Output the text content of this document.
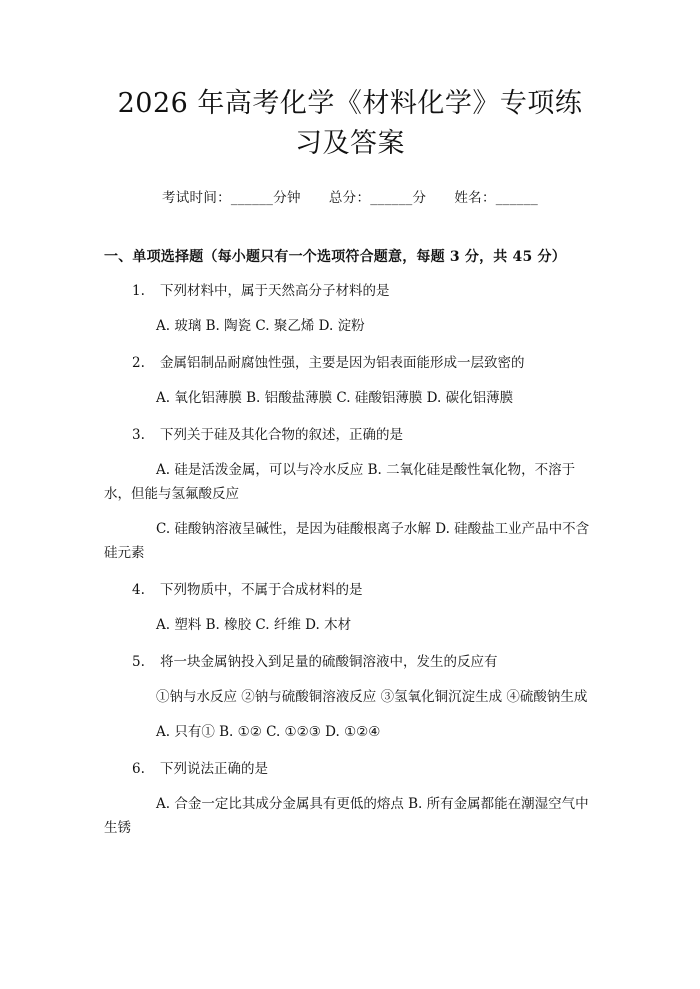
2026 年高考化学《材料化学》专项练习及答案
考试时间：______分钟 总分：______分 姓名：______
一、单项选择题（每小题只有一个选项符合题意，每题 3 分，共 45 分）
1. 下列材料中，属于天然高分子材料的是
A. 玻璃 B. 陶瓷 C. 聚乙烯 D. 淀粉
2. 金属铝制品耐腐蚀性强，主要是因为铝表面能形成一层致密的
A. 氧化铝薄膜 B. 铝酸盐薄膜 C. 硅酸铝薄膜 D. 碳化铝薄膜
3. 下列关于硅及其化合物的叙述，正确的是
A. 硅是活泼金属，可以与冷水反应 B. 二氧化硅是酸性氧化物，不溶于水，但能与氢氟酸反应
C. 硅酸钠溶液呈碱性，是因为硅酸根离子水解 D. 硅酸盐工业产品中不含硅元素
4. 下列物质中，不属于合成材料的是
A. 塑料 B. 橡胶 C. 纤维 D. 木材
5. 将一块金属钠投入到足量的硫酸铜溶液中，发生的反应有
①钠与水反应 ②钠与硫酸铜溶液反应 ③氢氧化铜沉淀生成 ④硫酸钠生成
A. 只有① B. ①② C. ①②③ D. ①②④
6. 下列说法正确的是
A. 合金一定比其成分金属具有更低的熔点 B. 所有金属都能在潮湿空气中生锈
